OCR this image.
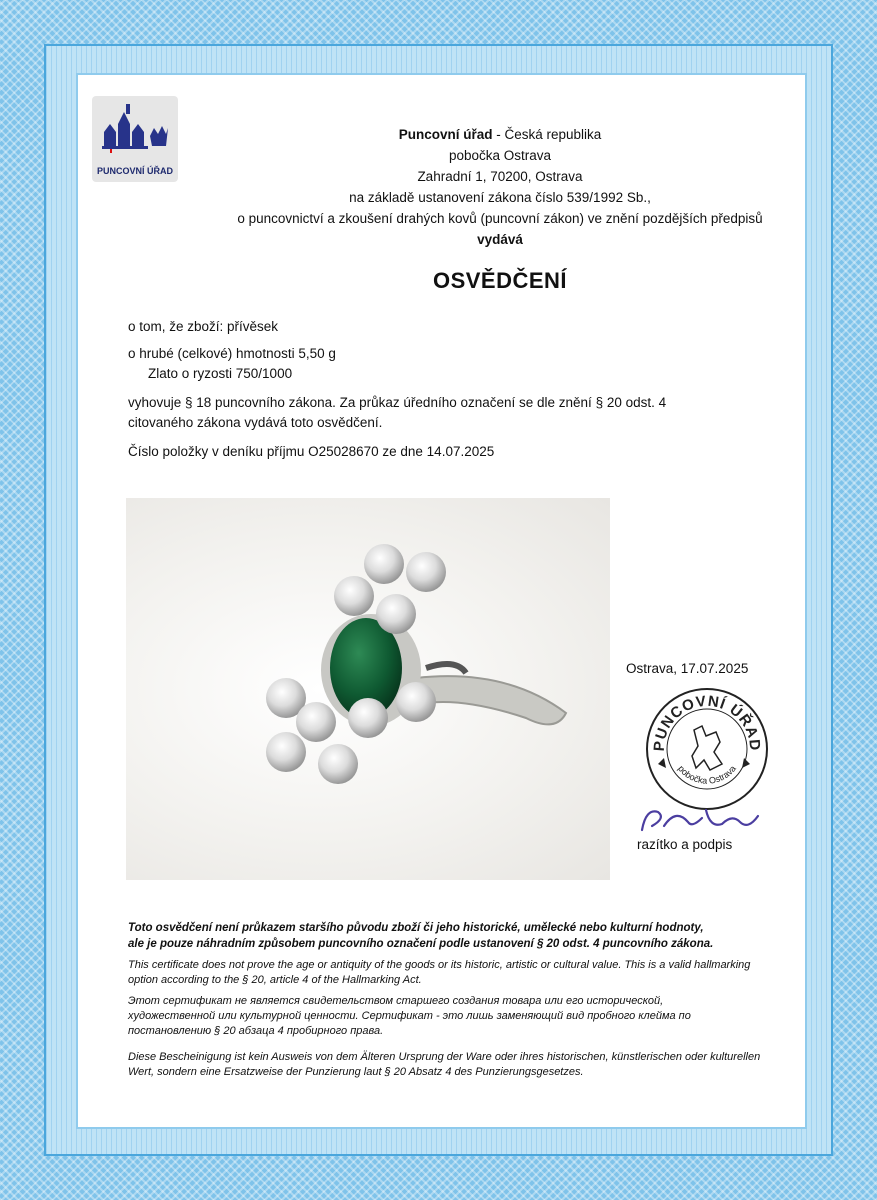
PUNCOVNÍ ÚŘAD
Puncovní úřad - Česká republika
pobočka Ostrava
Zahradní 1, 70200, Ostrava
na základě ustanovení zákona číslo 539/1992 Sb.,
o puncovnictví a zkoušení drahých kovů (puncovní zákon) ve znění pozdějších předpisů
vydává
OSVĚDČENÍ
o tom, že zboží: přívěsek
o hrubé (celkové) hmotnosti 5,50 g
Zlato o ryzosti 750/1000
vyhovuje § 18 puncovního zákona. Za průkaz úředního označení se dle znění § 20 odst. 4
citovaného zákona vydává toto osvědčení.
Číslo položky v deníku příjmu O25028670 ze dne 14.07.2025
Ostrava, 17.07.2025
PUNCOVNÍ ÚŘAD
pobočka Ostrava
razítko a podpis
Toto osvědčení není průkazem staršího původu zboží či jeho historické, umělecké nebo kulturní hodnoty,
ale je pouze náhradním způsobem puncovního označení podle ustanovení § 20 odst. 4 puncovního zákona.
This certificate does not prove the age or antiquity of the goods or its historic, artistic or cultural value. This is a valid hallmarking option according to the § 20, article 4 of the Hallmarking Act.
Этот сертификат не является свидетельством старшего создания товара или его исторической, художественной или культурной ценности. Сертификат - это лишь заменяющий вид пробного клейма по постановлению § 20 абзаца 4 пробирного права.
Diese Bescheinigung ist kein Ausweis von dem Älteren Ursprung der Ware oder ihres historischen, künstlerischen oder kulturellen Wert, sondern eine Ersatzweise der Punzierung laut § 20 Absatz 4 des Punzierungsgesetzes.
